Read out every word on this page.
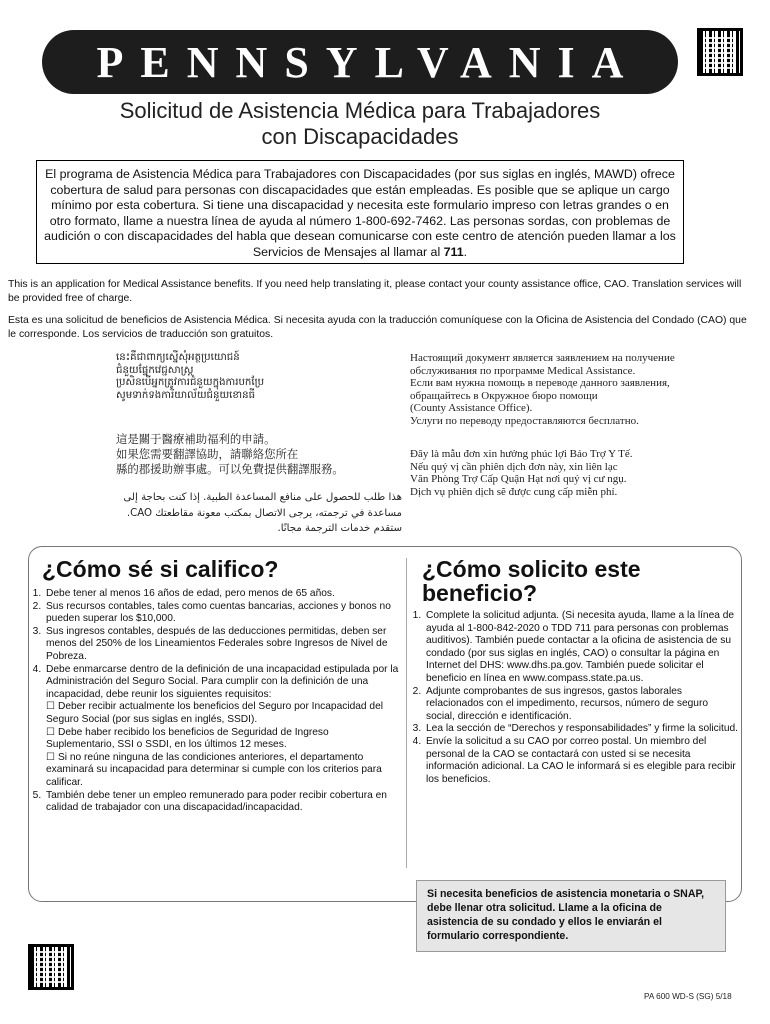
PENNSYLVANIA
Solicitud de Asistencia Médica para Trabajadores
con Discapacidades
El programa de Asistencia Médica para Trabajadores con Discapacidades (por sus siglas en inglés, MAWD) ofrece cobertura de salud para personas con discapacidades que están empleadas. Es posible que se aplique un cargo mínimo por esta cobertura. Si tiene una discapacidad y necesita este formulario impreso con letras grandes o en otro formato, llame a nuestra línea de ayuda al número 1-800-692-7462. Las personas sordas, con problemas de audición o con discapacidades del habla que desean comunicarse con este centro de atención pueden llamar a los Servicios de Mensajes al llamar al 711.
This is an application for Medical Assistance benefits. If you need help translating it, please contact your county assistance office, CAO. Translation services will be provided free of charge.
Esta es una solicitud de beneficios de Asistencia Médica. Si necesita ayuda con la traducción comuníquese con la Oficina de Asistencia del Condado (CAO) que le corresponde. Los servicios de traducción son gratuitos.
នេះគឺជាពាក្យស្នើសុំអត្ថប្រយោជន៍
ជំនួយផ្នែកវេជ្ជសាស្ត្រ
ប្រសិនបើអ្នកត្រូវការជំនួយក្នុងការបកប្រែ
សូមទាក់ទងការិយាល័យជំនួយខោនធី
Настоящий документ является заявлением на получение
обслуживания по программе Medical Assistance.
Если вам нужна помощь в переводе данного заявления,
обращайтесь в Окружное бюро помощи
(County Assistance Office).
Услуги по переводу предоставляются бесплатно.
這是關于醫療補助福利的申請。
如果您需要翻譯協助，請聯絡您所在
縣的郡援助辦事處。可以免費提供翻譯服務。
Đây là mẫu đơn xin hưởng phúc lợi Bảo Trợ Y Tế.
Nếu quý vị cần phiên dịch đơn này, xin liên lạc
Văn Phòng Trợ Cấp Quận Hạt nơi quý vị cư ngụ.
Dịch vụ phiên dịch sẽ được cung cấp miễn phí.
هذا طلب للحصول على منافع المساعدة الطبية. إذا كنت بحاجة إلى
مساعدة في ترجمته، يرجى الاتصال بمكتب معونة مقاطعتك CAO.
ستقدم خدمات الترجمة مجانًا.
¿Cómo sé si califico?
1. Debe tener al menos 16 años de edad, pero menos de 65 años.
2. Sus recursos contables, tales como cuentas bancarias, acciones y bonos no pueden superar los $10,000.
3. Sus ingresos contables, después de las deducciones permitidas, deben ser menos del 250% de los Lineamientos Federales sobre Ingresos de Nivel de Pobreza.
4. Debe enmarcarse dentro de la definición de una incapacidad estipulada por la Administración del Seguro Social. Para cumplir con la definición de una incapacidad, debe reunir los siguientes requisitos:
☐ Deber recibir actualmente los beneficios del Seguro por Incapacidad del Seguro Social (por sus siglas en inglés, SSDI).
☐ Debe haber recibido los beneficios de Seguridad de Ingreso Suplementario, SSI o SSDI, en los últimos 12 meses.
☐ Si no reúne ninguna de las condiciones anteriores, el departamento examinará su incapacidad para determinar si cumple con los criterios para calificar.
5. También debe tener un empleo remunerado para poder recibir cobertura en calidad de trabajador con una discapacidad/incapacidad.
¿Cómo solicito este beneficio?
1. Complete la solicitud adjunta. (Si necesita ayuda, llame a la línea de ayuda al 1-800-842-2020 o TDD 711 para personas con problemas auditivos). También puede contactar a la oficina de asistencia de su condado (por sus siglas en inglés, CAO) o consultar la página en Internet del DHS: www.dhs.pa.gov. También puede solicitar el beneficio en línea en www.compass.state.pa.us.
2. Adjunte comprobantes de sus ingresos, gastos laborales relacionados con el impedimento, recursos, número de seguro social, dirección e identificación.
3. Lea la sección de “Derechos y responsabilidades” y firme la solicitud.
4. Envíe la solicitud a su CAO por correo postal. Un miembro del personal de la CAO se contactará con usted si se necesita información adicional. La CAO le informará si es elegible para recibir los beneficios.
Si necesita beneficios de asistencia monetaria o SNAP, debe llenar otra solicitud. Llame a la oficina de asistencia de su condado y ellos le enviarán el formulario correspondiente.
PA 600 WD-S (SG) 5/18
